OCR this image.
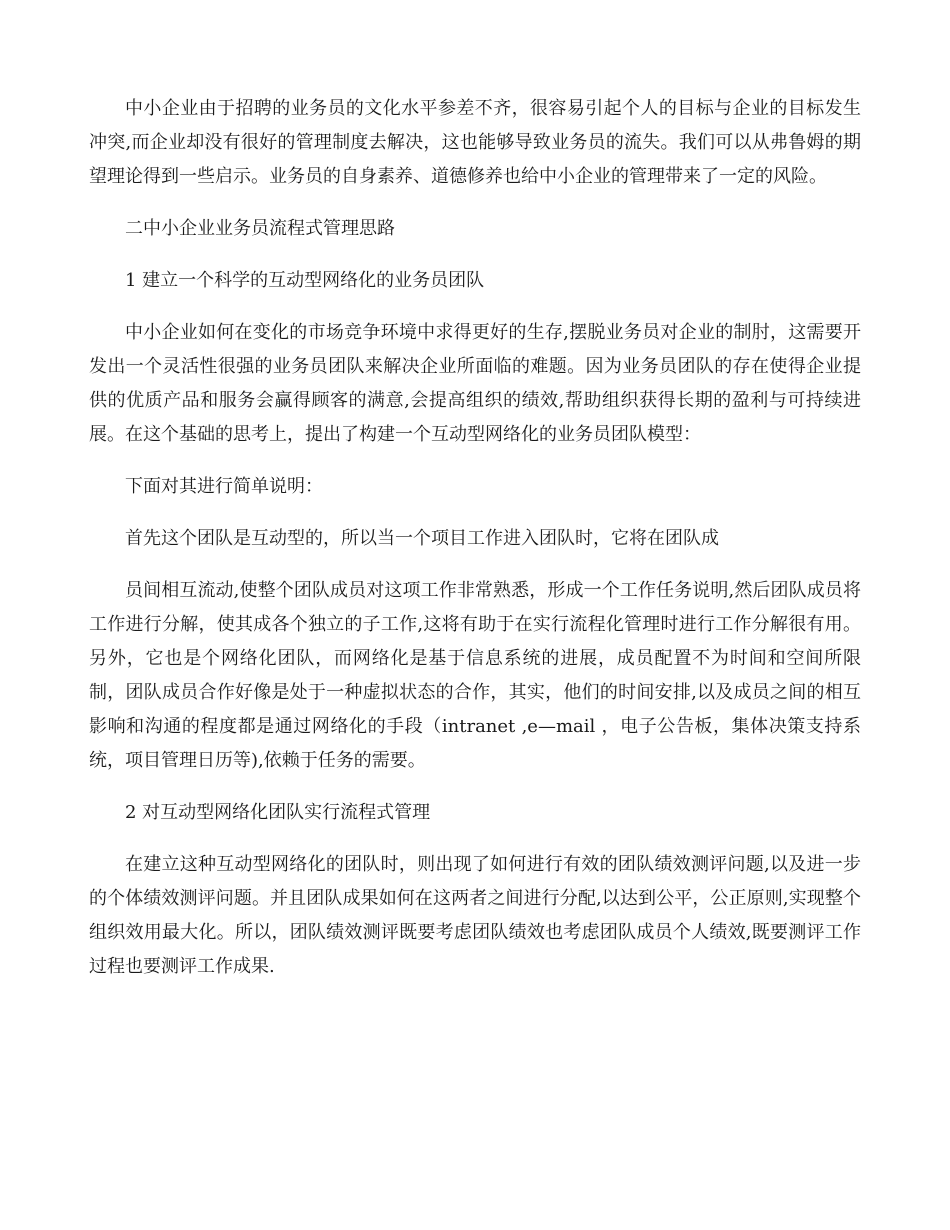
中小企业由于招聘的业务员的文化水平参差不齐，很容易引起个人的目标与企业的目标发生冲突,而企业却没有很好的管理制度去解决，这也能够导致业务员的流失。我们可以从弗鲁姆的期望理论得到一些启示。业务员的自身素养、道德修养也给中小企业的管理带来了一定的风险。

二中小企业业务员流程式管理思路

1 建立一个科学的互动型网络化的业务员团队

中小企业如何在变化的市场竞争环境中求得更好的生存,摆脱业务员对企业的制肘，这需要开发出一个灵活性很强的业务员团队来解决企业所面临的难题。因为业务员团队的存在使得企业提供的优质产品和服务会赢得顾客的满意,会提高组织的绩效,帮助组织获得长期的盈利与可持续进展。在这个基础的思考上，提出了构建一个互动型网络化的业务员团队模型：

下面对其进行简单说明：

首先这个团队是互动型的，所以当一个项目工作进入团队时，它将在团队成

员间相互流动,使整个团队成员对这项工作非常熟悉，形成一个工作任务说明,然后团队成员将工作进行分解，使其成各个独立的子工作,这将有助于在实行流程化管理时进行工作分解很有用。另外，它也是个网络化团队，而网络化是基于信息系统的进展，成员配置不为时间和空间所限制，团队成员合作好像是处于一种虚拟状态的合作，其实，他们的时间安排,以及成员之间的相互影响和沟通的程度都是通过网络化的手段（intranet ,e—mail ，电子公告板，集体决策支持系统，项目管理日历等),依赖于任务的需要。

2 对互动型网络化团队实行流程式管理

在建立这种互动型网络化的团队时，则出现了如何进行有效的团队绩效测评问题,以及进一步的个体绩效测评问题。并且团队成果如何在这两者之间进行分配,以达到公平，公正原则,实现整个组织效用最大化。所以，团队绩效测评既要考虑团队绩效也考虑团队成员个人绩效,既要测评工作过程也要测评工作成果.
